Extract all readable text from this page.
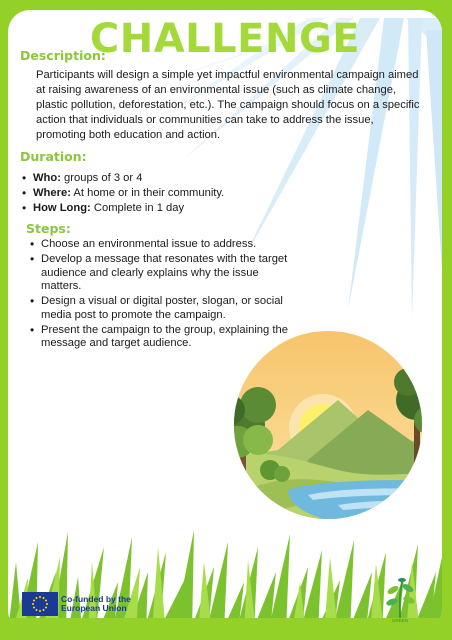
CHALLENGE
Description:

Participants will design a simple yet impactful environmental campaign aimed at raising awareness of an environmental issue (such as climate change, plastic pollution, deforestation, etc.). The campaign should focus on a specific action that individuals or communities can take to address the issue, promoting both education and action.

Duration:
• Who: groups of 3 or 4
• Where: At home or in their community.
• How Long: Complete in 1 day
Steps:
• Choose an environmental issue to address.
• Develop a message that resonates with the target audience and clearly explains why the issue matters.
• Design a visual or digital poster, slogan, or social media post to promote the campaign.
• Present the campaign to the group, explaining the message and target audience.
Co-funded by the European Union
GREEN
